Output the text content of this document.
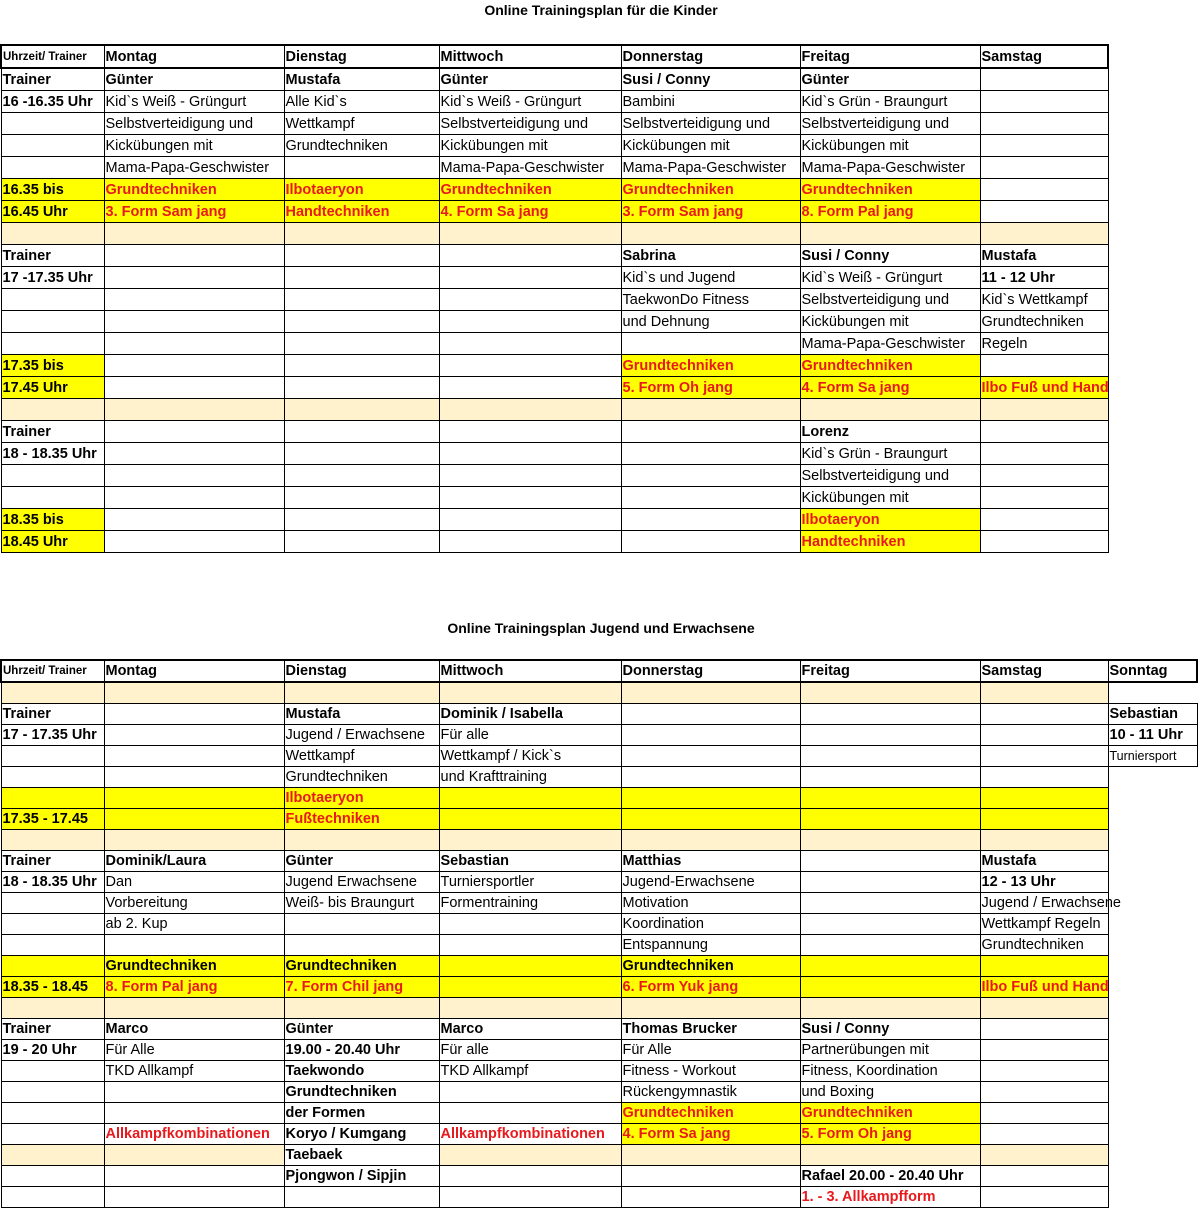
Online Trainingsplan für die Kinder
Uhrzeit/ Trainer	Montag	Dienstag	Mittwoch	Donnerstag	Freitag	Samstag
Trainer	Günter	Mustafa	Günter	Susi / Conny	Günter	
16 -16.35 Uhr	Kid`s Weiß - Grüngurt	Alle Kid`s	Kid`s Weiß - Grüngurt	Bambini	Kid`s Grün - Braungurt	
	Selbstverteidigung und	Wettkampf	Selbstverteidigung und	Selbstverteidigung und	Selbstverteidigung und	
	Kickübungen mit	Grundtechniken	Kickübungen mit	Kickübungen mit	Kickübungen mit	
	Mama-Papa-Geschwister		Mama-Papa-Geschwister	Mama-Papa-Geschwister	Mama-Papa-Geschwister	
16.35 bis	Grundtechniken	Ilbotaeryon	Grundtechniken	Grundtechniken	Grundtechniken	
16.45 Uhr	3. Form Sam jang	Handtechniken	4. Form Sa jang	3. Form Sam jang	8. Form Pal jang	

Trainer				Sabrina	Susi / Conny	Mustafa
17 -17.35 Uhr				Kid`s und Jugend	Kid`s Weiß - Grüngurt	11 - 12 Uhr
				TaekwonDo Fitness	Selbstverteidigung und	Kid`s Wettkampf
				und Dehnung	Kickübungen mit	Grundtechniken
					Mama-Papa-Geschwister	Regeln
17.35 bis				Grundtechniken	Grundtechniken	
17.45 Uhr				5. Form Oh jang	4. Form Sa jang	Ilbo Fuß und Hand

Trainer					Lorenz	
18 - 18.35 Uhr					Kid`s Grün - Braungurt	
					Selbstverteidigung und	
					Kickübungen mit	
18.35 bis					Ilbotaeryon	
18.45 Uhr					Handtechniken	
Online Trainingsplan Jugend und Erwachsene
Uhrzeit/ Trainer	Montag	Dienstag	Mittwoch	Donnerstag	Freitag	Samstag	Sonntag

Trainer		Mustafa	Dominik / Isabella				Sebastian
17 - 17.35 Uhr		Jugend / Erwachsene	Für alle				10 - 11 Uhr
		Wettkampf	Wettkampf / Kick`s				Turniersport
		Grundtechniken	und Krafttraining				
		Ilbotaeryon					
17.35 - 17.45		Fußtechniken					

Trainer	Dominik/Laura	Günter	Sebastian	Matthias		Mustafa	
18 - 18.35 Uhr	Dan	Jugend Erwachsene	Turniersportler	Jugend-Erwachsene		12 - 13 Uhr	
	Vorbereitung	Weiß- bis Braungurt	Formentraining	Motivation		Jugend / Erwachsene	
	ab 2. Kup			Koordination		Wettkampf Regeln	
				Entspannung		Grundtechniken	
	Grundtechniken	Grundtechniken		Grundtechniken			
18.35 - 18.45	8. Form Pal jang	7. Form Chil jang		6. Form Yuk jang		Ilbo Fuß und Hand	

Trainer	Marco	Günter	Marco	Thomas Brucker	Susi / Conny		
19 - 20 Uhr	Für Alle	19.00 - 20.40 Uhr	Für alle	Für Alle	Partnerübungen mit		
	TKD Allkampf	Taekwondo	TKD Allkampf	Fitness - Workout	Fitness, Koordination		
		Grundtechniken		Rückengymnastik	und Boxing		
		der Formen		Grundtechniken	Grundtechniken		
	Allkampfkombinationen	Koryo / Kumgang	Allkampfkombinationen	4. Form Sa jang	5. Form Oh jang		
		Taebaek					
		Pjongwon / Sipjin			Rafael 20.00 - 20.40 Uhr		
					1. - 3. Allkampfform		
